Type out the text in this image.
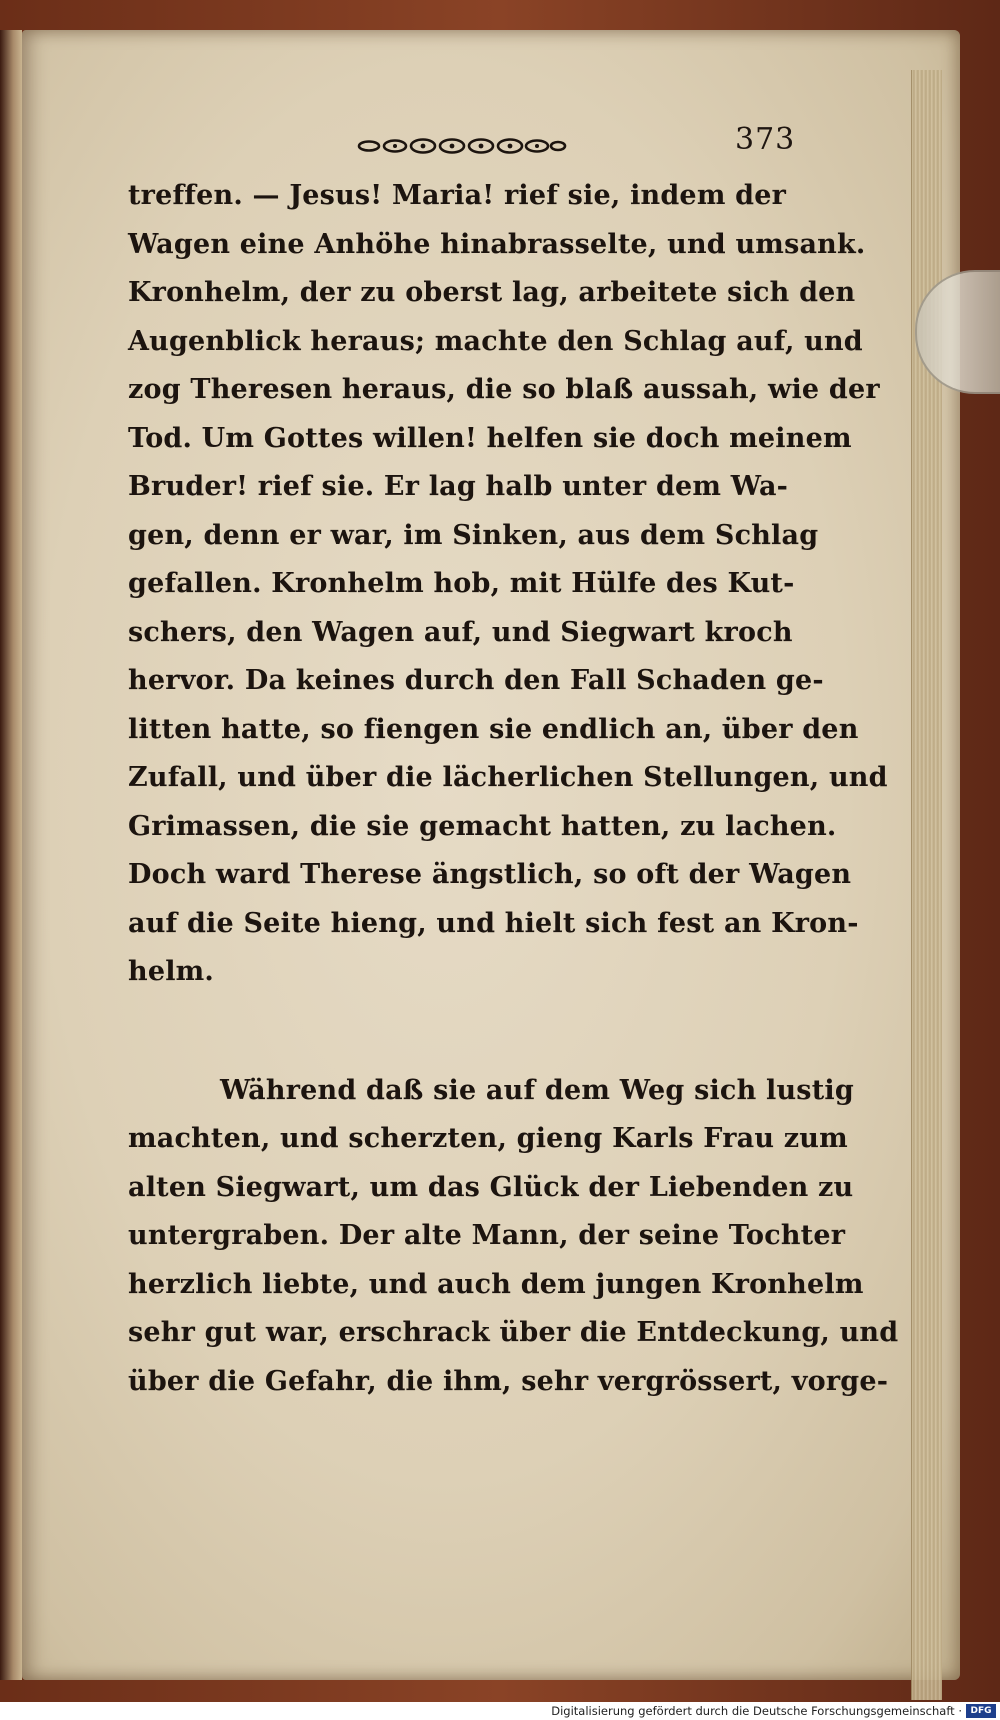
373
treffen. — Jesus! Maria! rief sie, indem der
Wagen eine Anhöhe hinabrasselte, und umsank.
Kronhelm, der zu oberst lag, arbeitete sich den
Augenblick heraus; machte den Schlag auf, und
zog Theresen heraus, die so blaß aussah, wie der
Tod. Um Gottes willen! helfen sie doch meinem
Bruder! rief sie. Er lag halb unter dem Wa-
gen, denn er war, im Sinken, aus dem Schlag
gefallen. Kronhelm hob, mit Hülfe des Kut-
schers, den Wagen auf, und Siegwart kroch
hervor. Da keines durch den Fall Schaden ge-
litten hatte, so fiengen sie endlich an, über den
Zufall, und über die lächerlichen Stellungen, und
Grimassen, die sie gemacht hatten, zu lachen.
Doch ward Therese ängstlich, so oft der Wagen
auf die Seite hieng, und hielt sich fest an Kron-
helm.
Während daß sie auf dem Weg sich lustig
machten, und scherzten, gieng Karls Frau zum
alten Siegwart, um das Glück der Liebenden zu
untergraben. Der alte Mann, der seine Tochter
herzlich liebte, und auch dem jungen Kronhelm
sehr gut war, erschrack über die Entdeckung, und
über die Gefahr, die ihm, sehr vergrössert, vorge-
Digitalisierung gefördert durch die Deutsche Forschungsgemeinschaft · DFG
